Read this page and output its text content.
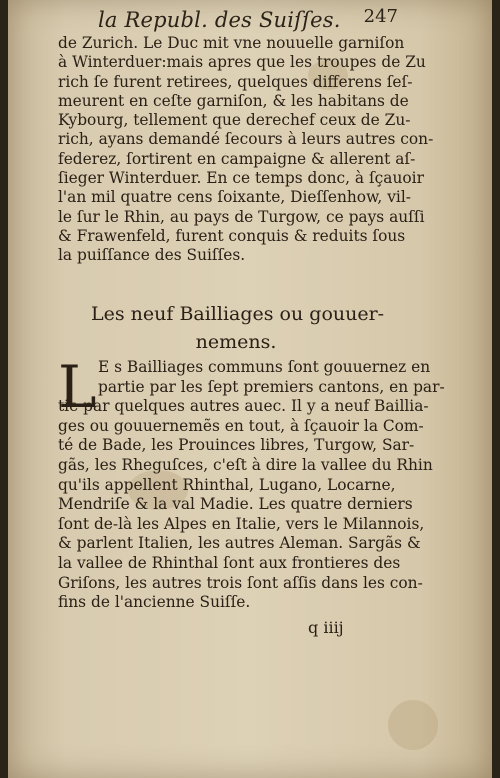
la Republ. des Suiſſes. 247
de Zurich. Le Duc mit vne nouuelle garniſon
à Winterduer:mais apres que les troupes de Zu
rich ſe furent retirees, quelques differens ſeſ-
meurent en ceſte garniſon, & les habitans de
Kybourg, tellement que derechef ceux de Zu-
rich, ayans demandé ſecours à leurs autres con-
federez, ſortirent en campaigne & allerent aſ-
ſieger Winterduer. En ce temps donc, à ſçauoir
l'an mil quatre cens ſoixante, Dieſſenhow, vil-
le ſur le Rhin, au pays de Turgow, ce pays auſſi
& Frawenfeld, furent conquis & reduits ſous
la puiſſance des Suiſſes.
Les neuf Bailliages ou gouuer-
nemens.
L E s Bailliages communs ſont gouuernez en
partie par les ſept premiers cantons, en par-
tie par quelques autres auec. Il y a neuf Baillia-
ges ou gouuernemẽs en tout, à ſçauoir la Com-
té de Bade, les Prouinces libres, Turgow, Sar-
gãs, les Rheguſces, c'eſt à dire la vallee du Rhin
qu'ils appellent Rhinthal, Lugano, Locarne,
Mendriſe & la val Madie. Les quatre derniers
ſont de-là les Alpes en Italie, vers le Milannois,
& parlent Italien, les autres Aleman. Sargãs &
la vallee de Rhinthal ſont aux frontieres des
Griſons, les autres trois ſont aſſis dans les con-
fins de l'ancienne Suiſſe.
q iiij
